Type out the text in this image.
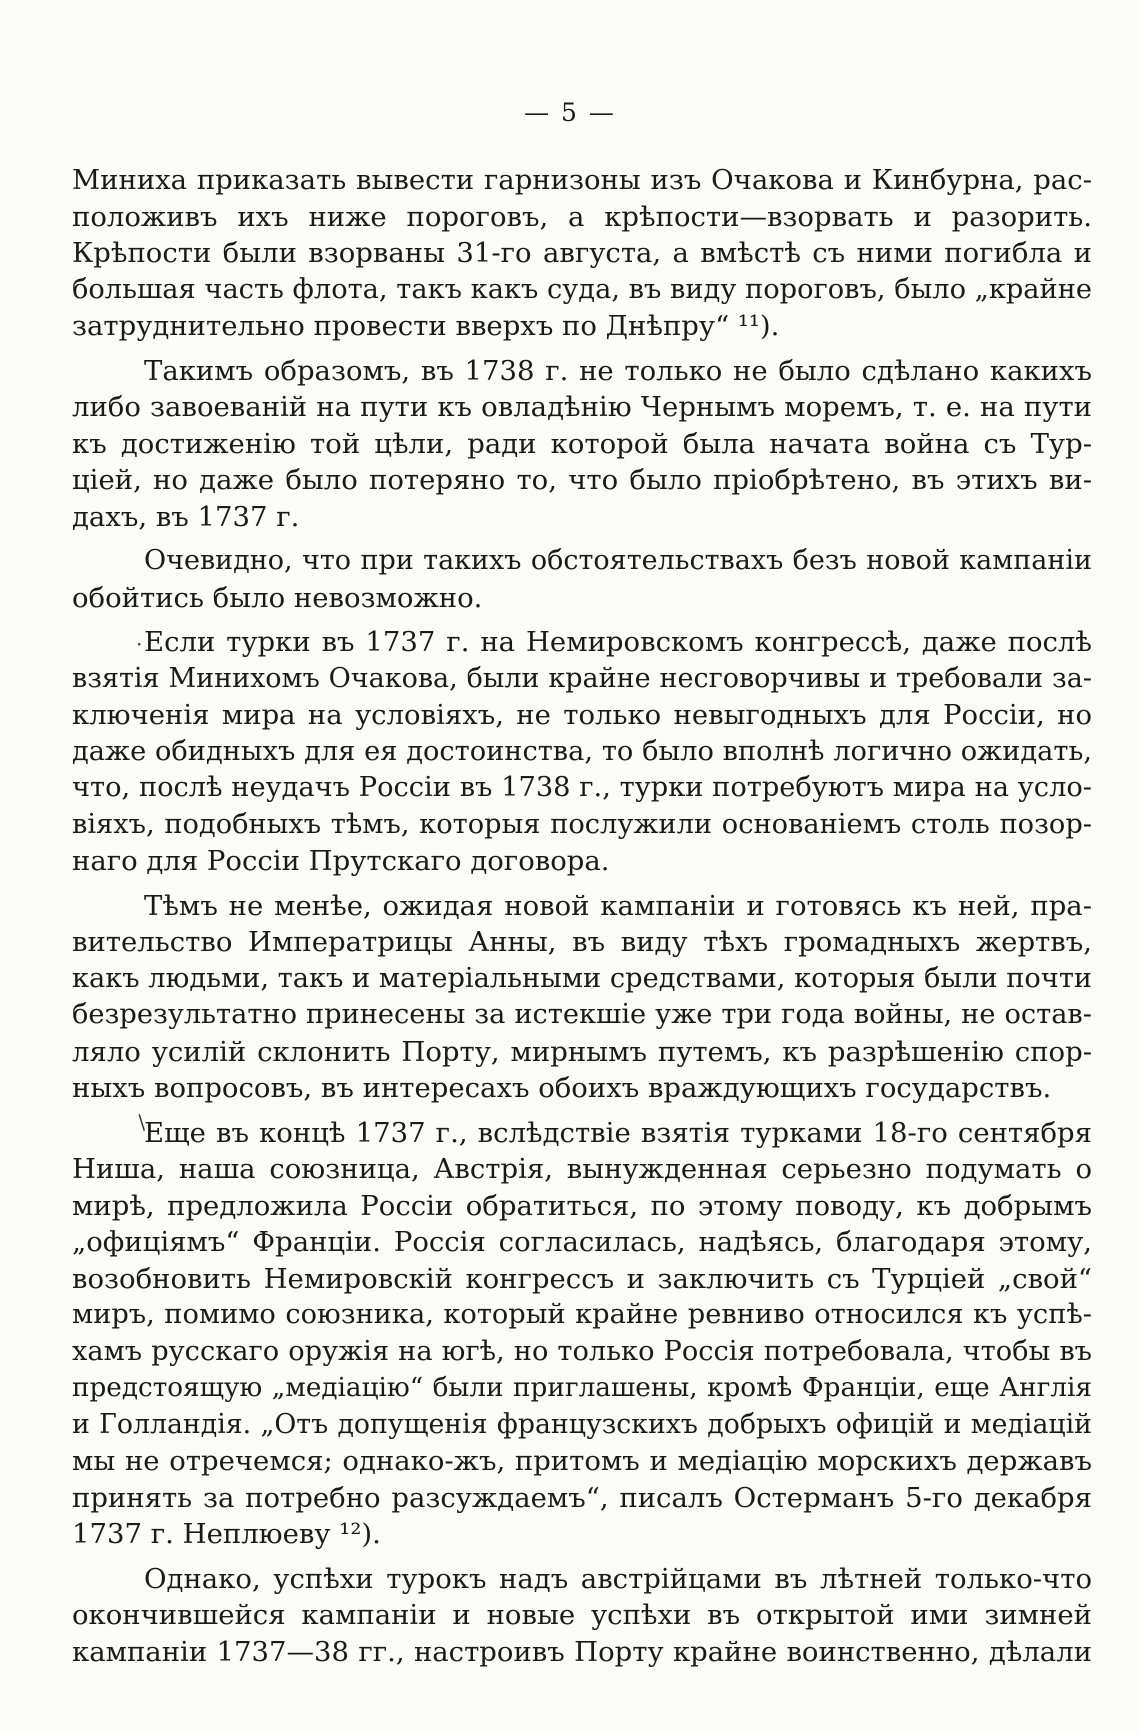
— 5 —
Миниха приказать вывести гарнизоны изъ Очакова и Кинбурна, рас-
положивъ ихъ ниже пороговъ, а крѣпости—взорвать и разорить.
Крѣпости были взорваны 31-го августа, а вмѣстѣ съ ними погибла и
большая часть флота, такъ какъ суда, въ виду пороговъ, было „крайне
затруднительно провести вверхъ по Днѣпру“ ¹¹).
Такимъ образомъ, въ 1738 г. не только не было сдѣлано какихъ
либо завоеваній на пути къ овладѣнію Чернымъ моремъ, т. е. на пути
къ достиженію той цѣли, ради которой была начата война съ Тур-
ціей, но даже было потеряно то, что было пріобрѣтено, въ этихъ ви-
дахъ, въ 1737 г.
Очевидно, что при такихъ обстоятельствахъ безъ новой кампаніи
обойтись было невозможно.
Если турки въ 1737 г. на Немировскомъ конгрессѣ, даже послѣ
взятія Минихомъ Очакова, были крайне несговорчивы и требовали за-
ключенія мира на условіяхъ, не только невыгодныхъ для Россіи, но
даже обидныхъ для ея достоинства, то было вполнѣ логично ожидать,
что, послѣ неудачъ Россіи въ 1738 г., турки потребуютъ мира на усло-
віяхъ, подобныхъ тѣмъ, которыя послужили основаніемъ столь позор-
наго для Россіи Прутскаго договора.
Тѣмъ не менѣе, ожидая новой кампаніи и готовясь къ ней, пра-
вительство Императрицы Анны, въ виду тѣхъ громадныхъ жертвъ,
какъ людьми, такъ и матеріальными средствами, которыя были почти
безрезультатно принесены за истекшіе уже три года войны, не остав-
ляло усилій склонить Порту, мирнымъ путемъ, къ разрѣшенію спор-
ныхъ вопросовъ, въ интересахъ обоихъ враждующихъ государствъ.
Еще въ концѣ 1737 г., вслѣдствіе взятія турками 18-го сентября
Ниша, наша союзница, Австрія, вынужденная серьезно подумать о
мирѣ, предложила Россіи обратиться, по этому поводу, къ добрымъ
„офиціямъ“ Франціи. Россія согласилась, надѣясь, благодаря этому,
возобновить Немировскій конгрессъ и заключить съ Турціей „свой“
миръ, помимо союзника, который крайне ревниво относился къ успѣ-
хамъ русскаго оружія на югѣ, но только Россія потребовала, чтобы въ
предстоящую „медіацію“ были приглашены, кромѣ Франціи, еще Англія
и Голландія. „Отъ допущенія французскихъ добрыхъ офицій и медіацій
мы не отречемся; однако-жъ, притомъ и медіацію морскихъ державъ
принять за потребно разсуждаемъ“, писалъ Остерманъ 5-го декабря
1737 г. Неплюеву ¹²).
Однако, успѣхи турокъ надъ австрійцами въ лѣтней только-что
окончившейся кампаніи и новые успѣхи въ открытой ими зимней
кампаніи 1737—38 гг., настроивъ Порту крайне воинственно, дѣлали
·
/
